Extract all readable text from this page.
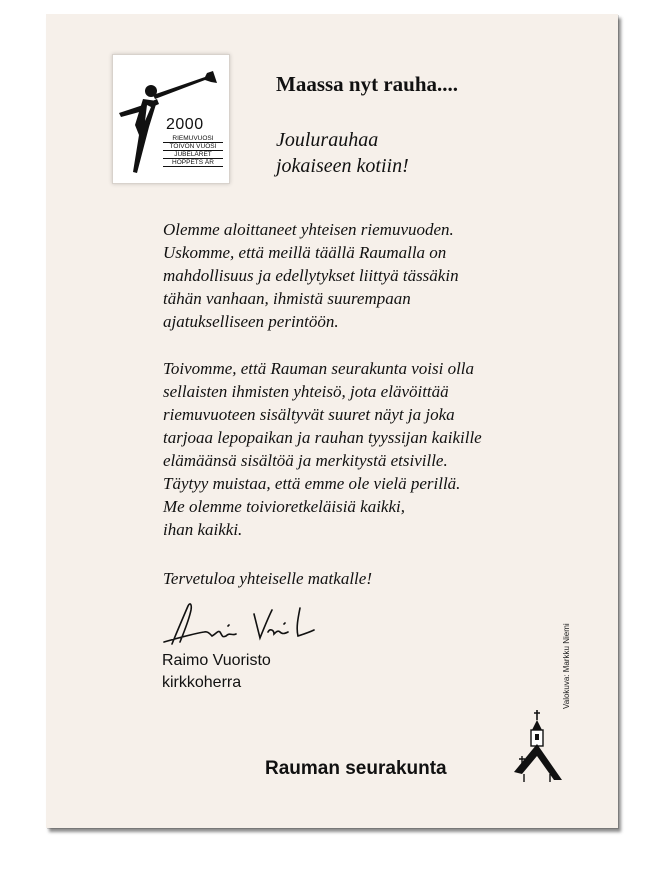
2000
RIEMUVUOSI
TOIVON VUOSI
JUBELÅRET
HOPPETS ÅR
Maassa nyt rauha....
Joulurauhaa
jokaiseen kotiin!
Olemme aloittaneet yhteisen riemuvuoden.
Uskomme, että meillä täällä Raumalla on
mahdollisuus ja edellytykset liittyä tässäkin
tähän vanhaan, ihmistä suurempaan
ajatukselliseen perintöön.
Toivomme, että Rauman seurakunta voisi olla
sellaisten ihmisten yhteisö, jota elävöittää
riemuvuoteen sisältyvät suuret näyt ja joka
tarjoaa lepopaikan ja rauhan tyyssijan kaikille
elämäänsä sisältöä ja merkitystä etsiville.
Täytyy muistaa, että emme ole vielä perillä.
Me olemme toivioretkeläisiä kaikki,
ihan kaikki.
Tervetuloa yhteiselle matkalle!
Raimo Vuoristo
kirkkoherra	Valokuva: Markku Niemi
Rauman seurakunta
